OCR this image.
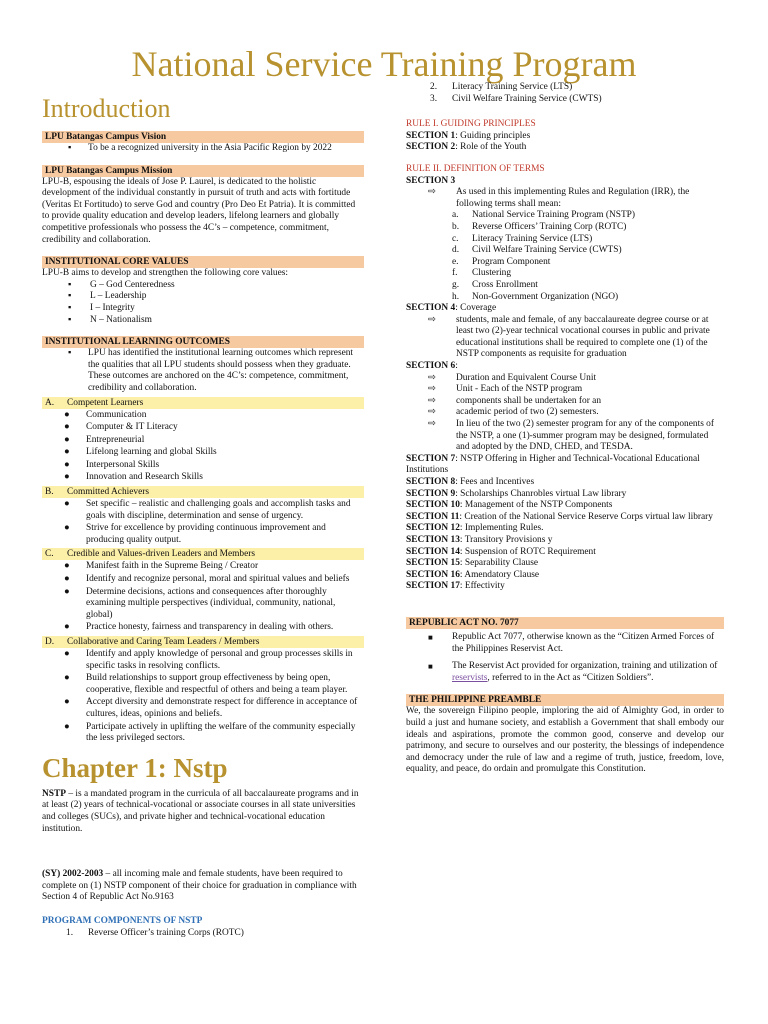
National Service Training Program
Introduction
LPU Batangas Campus Vision
▪ To be a recognized university in the Asia Pacific Region by 2022
LPU Batangas Campus Mission

LPU-B, espousing the ideals of Jose P. Laurel, is dedicated to the holistic development of the individual constantly in pursuit of truth and acts with fortitude (Veritas Et Fortitudo) to serve God and country (Pro Deo Et Patria). It is committed to provide quality education and develop leaders, lifelong learners and globally competitive professionals who possess the 4C’s – competence, commitment, credibility and collaboration.

INSTITUTIONAL CORE VALUES

LPU-B aims to develop and strengthen the following core values:

▪ G – God Centeredness
▪ L – Leadership
▪ I – Integrity
▪ N – Nationalism
INSTITUTIONAL LEARNING OUTCOMES
▪ LPU has identified the institutional learning outcomes which represent the qualities that all LPU students should possess when they graduate. These outcomes are anchored on the 4C’s: competence, commitment, credibility and collaboration.
A. Competent Learners
● Communication
● Computer & IT Literacy
● Entrepreneurial
● Lifelong learning and global Skills
● Interpersonal Skills
● Innovation and Research Skills
B. Committed Achievers
● Set specific – realistic and challenging goals and accomplish tasks and goals with discipline, determination and sense of urgency.
● Strive for excellence by providing continuous improvement and producing quality output.
C. Credible and Values-driven Leaders and Members
● Manifest faith in the Supreme Being / Creator
● Identify and recognize personal, moral and spiritual values and beliefs
● Determine decisions, actions and consequences after thoroughly examining multiple perspectives (individual, community, national, global)
● Practice honesty, fairness and transparency in dealing with others.
D. Collaborative and Caring Team Leaders / Members
● Identify and apply knowledge of personal and group processes skills in specific tasks in resolving conflicts.
● Build relationships to support group effectiveness by being open, cooperative, flexible and respectful of others and being a team player.
● Accept diversity and demonstrate respect for difference in acceptance of cultures, ideas, opinions and beliefs.
● Participate actively in uplifting the welfare of the community especially the less privileged sectors.
Chapter 1: Nstp

NSTP – is a mandated program in the curricula of all baccalaureate programs and in at least (2) years of technical-vocational or associate courses in all state universities and colleges (SUCs), and private higher and technical-vocational education institution.

(SY) 2002-2003 – all incoming male and female students, have been required to complete on (1) NSTP component of their choice for graduation in compliance with Section 4 of Republic Act No.9163

PROGRAM COMPONENTS OF NSTP
1. Reverse Officer’s training Corps (ROTC)
2. Literacy Training Service (LTS)
3. Civil Welfare Training Service (CWTS)
RULE I. GUIDING PRINCIPLES

SECTION 1: Guiding principles

SECTION 2: Role of the Youth

RULE II. DEFINITION OF TERMS

SECTION 3

⇨ As used in this implementing Rules and Regulation (IRR), the following terms shall mean:
a. National Service Training Program (NSTP)
b. Reverse Officers’ Training Corp (ROTC)
c. Literacy Training Service (LTS)
d. Civil Welfare Training Service (CWTS)
e. Program Component
f. Clustering
g. Cross Enrollment
h. Non-Government Organization (NGO)

SECTION 4: Coverage

⇨ students, male and female, of any baccalaureate degree course or at least two (2)-year technical vocational courses in public and private educational institutions shall be required to complete one (1) of the NSTP components as requisite for graduation

SECTION 6:

⇨ Duration and Equivalent Course Unit
⇨ Unit - Each of the NSTP program
⇨ components shall be undertaken for an
⇨ academic period of two (2) semesters.
⇨ In lieu of the two (2) semester program for any of the components of the NSTP, a one (1)-summer program may be designed, formulated and adopted by the DND, CHED, and TESDA.

SECTION 7: NSTP Offering in Higher and Technical-Vocational Educational Institutions

SECTION 8: Fees and Incentives

SECTION 9: Scholarships Chanrobles virtual Law library

SECTION 10: Management of the NSTP Components

SECTION 11: Creation of the National Service Reserve Corps virtual law library

SECTION 12: Implementing Rules.

SECTION 13: Transitory Provisions y

SECTION 14: Suspension of ROTC Requirement

SECTION 15: Separability Clause

SECTION 16: Amendatory Clause

SECTION 17: Effectivity

REPUBLIC ACT NO. 7077
■ Republic Act 7077, otherwise known as the “Citizen Armed Forces of the Philippines Reservist Act.
■ The Reservist Act provided for organization, training and utilization of reservists, referred to in the Act as “Citizen Soldiers”.
THE PHILIPPINE PREAMBLE

We, the sovereign Filipino people, imploring the aid of Almighty God, in order to build a just and humane society, and establish a Government that shall embody our ideals and aspirations, promote the common good, conserve and develop our patrimony, and secure to ourselves and our posterity, the blessings of independence and democracy under the rule of law and a regime of truth, justice, freedom, love, equality, and peace, do ordain and promulgate this Constitution.
